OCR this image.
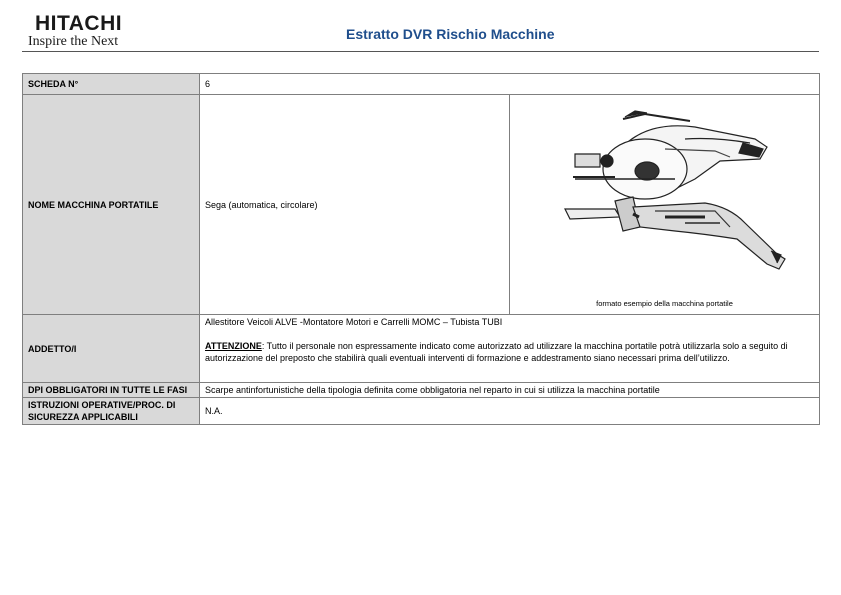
HITACHI
Inspire the Next	Estratto DVR Rischio Macchine
SCHEDA N°	6	
NOME MACCHINA PORTATILE	Sega (automatica, circolare)	formato esempio della macchina portatile

ADDETTO/I	Allestitore Veicoli ALVE -Montatore Motori e Carrelli MOMC – Tubista TUBI
ATTENZIONE: Tutto il personale non espressamente indicato come autorizzato ad utilizzare la macchina portatile potrà utilizzarla solo a seguito di autorizzazione del preposto che stabilirà quali eventuali interventi di formazione e addestramento siano necessari prima dell’utilizzo.	

DPI OBBLIGATORI IN TUTTE LE FASI	Scarpe antinfortunistiche della tipologia definita come obbligatoria nel reparto in cui si utilizza la macchina portatile	
ISTRUZIONI OPERATIVE/PROC. DI SICUREZZA APPLICABILI	N.A.	
